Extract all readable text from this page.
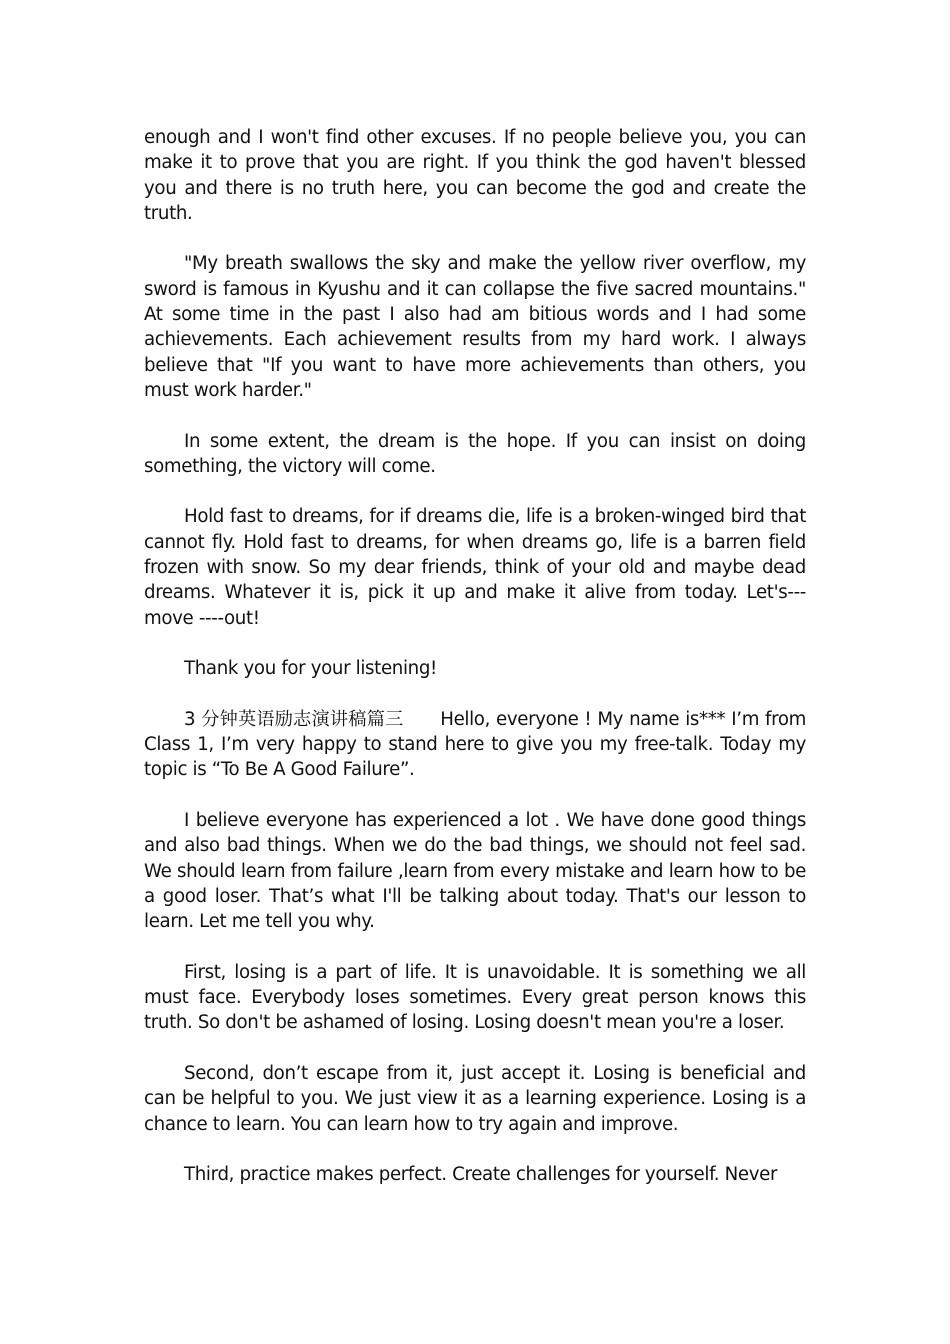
enough and I won't find other excuses. If no people believe you, you can make it to prove that you are right. If you think the god haven't blessed you and there is no truth here, you can become the god and create the truth.

"My breath swallows the sky and make the yellow river overflow, my sword is famous in Kyushu and it can collapse the five sacred mountains." At some time in the past I also had am bitious words and I had some achievements. Each achievement results from my hard work. I always believe that "If you want to have more achievements than others, you must work harder."

In some extent, the dream is the hope. If you can insist on doing something, the victory will come.

Hold fast to dreams, for if dreams die, life is a broken-winged bird that cannot fly. Hold fast to dreams, for when dreams go, life is a barren field frozen with snow. So my dear friends, think of your old and maybe dead dreams. Whatever it is, pick it up and make it alive from today. Let's--- move ----out!

Thank you for your listening!

3 分钟英语励志演讲稿篇三　　Hello, everyone ! My name is*** I’m from Class 1, I’m very happy to stand here to give you my free-talk. Today my topic is “To Be A Good Failure”.

I believe everyone has experienced a lot . We have done good things and also bad things. When we do the bad things, we should not feel sad. We should learn from failure ,learn from every mistake and learn how to be a good loser. That’s what I'll be talking about today. That's our lesson to learn. Let me tell you why.

First, losing is a part of life. It is unavoidable. It is something we all must face. Everybody loses sometimes. Every great person knows this truth. So don't be ashamed of losing. Losing doesn't mean you're a loser.

Second, don’t escape from it, just accept it. Losing is beneficial and can be helpful to you. We just view it as a learning experience. Losing is a chance to learn. You can learn how to try again and improve.

Third, practice makes perfect. Create challenges for yourself. Never
